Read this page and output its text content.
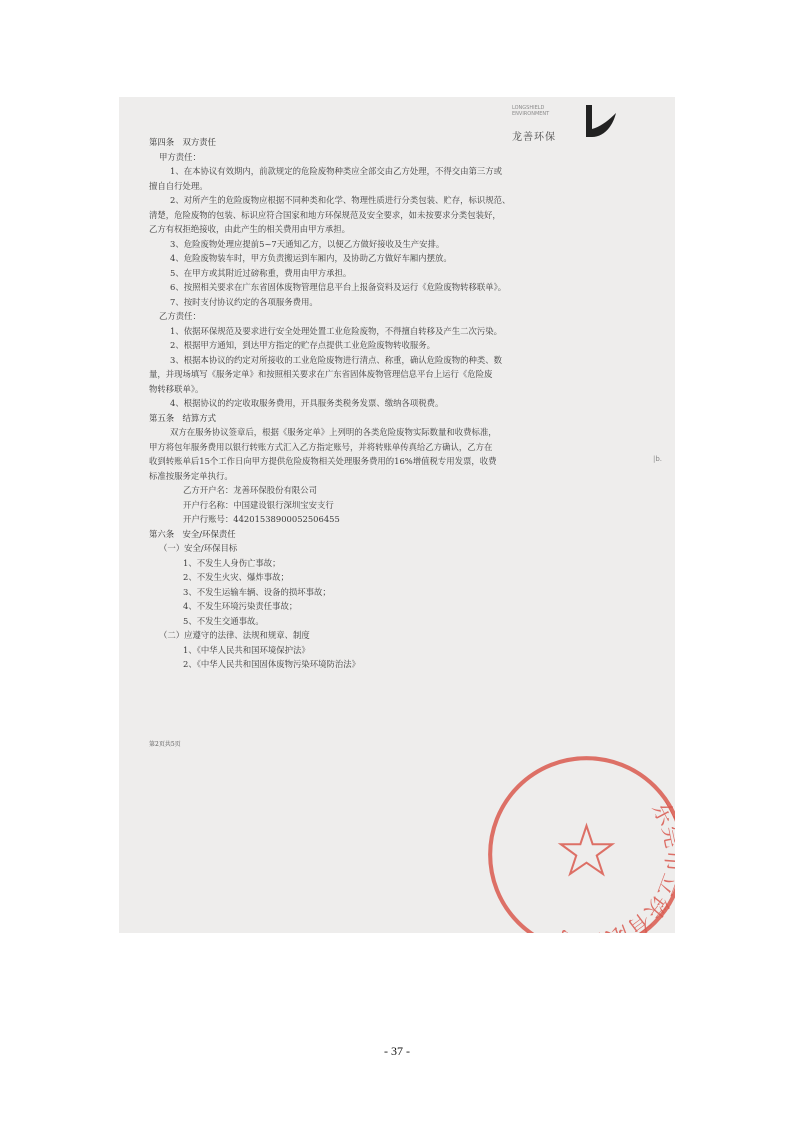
LONGSHIELD ENVIRONMENT
龙善环保
第四条　双方责任
甲方责任：
1、在本协议有效期内，前款规定的危险废物种类应全部交由乙方处理，不得交由第三方或
擅自自行处理。
2、对所产生的危险废物应根据不同种类和化学、物理性质进行分类包装、贮存，标识规范、
清楚，危险废物的包装、标识应符合国家和地方环保规范及安全要求，如未按要求分类包装好，
乙方有权拒绝接收，由此产生的相关费用由甲方承担。
3、危险废物处理应提前5~7天通知乙方，以便乙方做好接收及生产安排。
4、危险废物装车时，甲方负责搬运到车厢内，及协助乙方做好车厢内摆放。
5、在甲方或其附近过磅称重，费用由甲方承担。
6、按照相关要求在广东省固体废物管理信息平台上报备资料及运行《危险废物转移联单》。
7、按时支付协议约定的各项服务费用。
乙方责任：
1、依据环保规范及要求进行安全处理处置工业危险废物，不得擅自转移及产生二次污染。
2、根据甲方通知，到达甲方指定的贮存点提供工业危险废物转收服务。
3、根据本协议的约定对所接收的工业危险废物进行清点、称重，确认危险废物的种类、数
量，并现场填写《服务定单》和按照相关要求在广东省固体废物管理信息平台上运行《危险废
物转移联单》。
4、根据协议的约定收取服务费用，开具服务类税务发票、缴纳各项税费。
第五条　结算方式
双方在服务协议签章后，根据《服务定单》上列明的各类危险废物实际数量和收费标准，
甲方将包年服务费用以银行转账方式汇入乙方指定账号，并将转账单传真给乙方确认，乙方在
收到转账单后15个工作日向甲方提供危险废物相关处理服务费用的16%增值税专用发票，收费
标准按服务定单执行。
乙方开户名：龙善环保股份有限公司
开户行名称：中国建设银行深圳宝安支行
开户行账号：44201538900052506455
第六条　安全/环保责任
（一）安全/环保目标
1、不发生人身伤亡事故；
2、不发生火灾、爆炸事故；
3、不发生运输车辆、设备的损坏事故；
4、不发生环境污染责任事故；
5、不发生交通事故。
（二）应遵守的法律、法规和规章、制度
1、《中华人民共和国环境保护法》
2、《中华人民共和国固体废物污染环境防治法》
|b.
第2页共5页
东莞市立铁有限公司
- 37 -
